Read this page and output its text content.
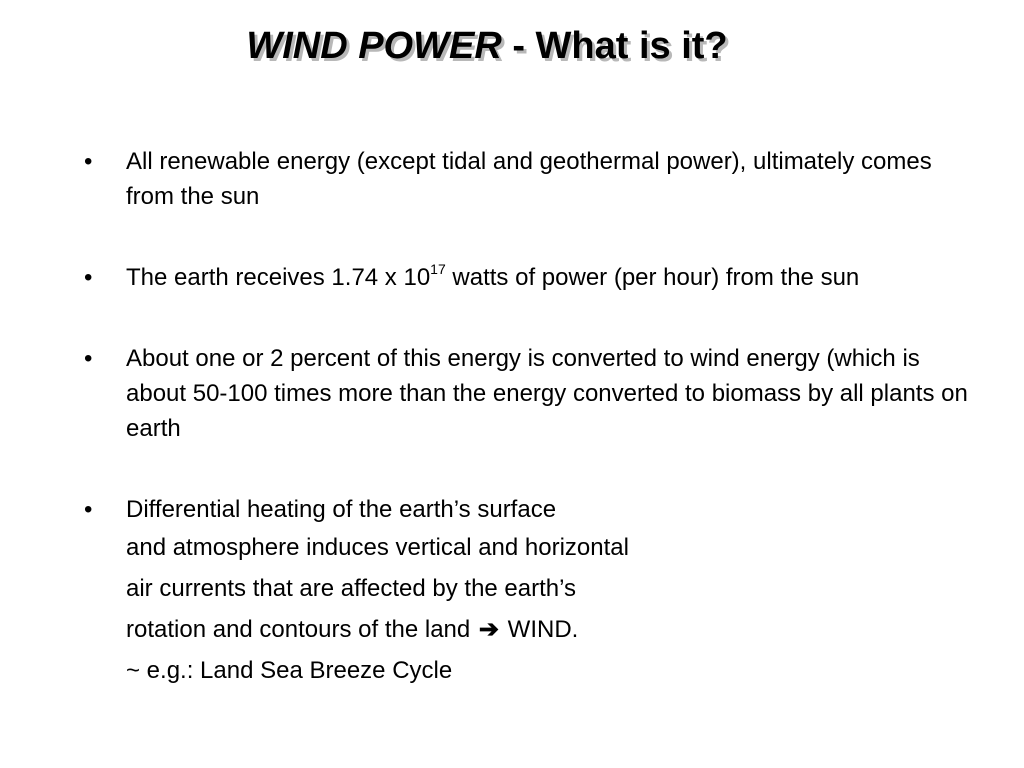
WIND POWER - What is it?
•	All renewable energy (except tidal and geothermal power), ultimately comes from the sun
•	The earth receives 1.74 x $10^{17}$ watts of power (per hour) from the sun
•	About one or 2 percent of this energy is converted to wind energy (which is about 50-100 times more than the energy converted to biomass by all plants on earth
•	Differential heating of the earth’s surface
and atmosphere induces vertical and horizontal
air currents that are affected by the earth’s
rotation and contours of the land ➔ WIND.
~ e.g.: Land Sea Breeze Cycle
